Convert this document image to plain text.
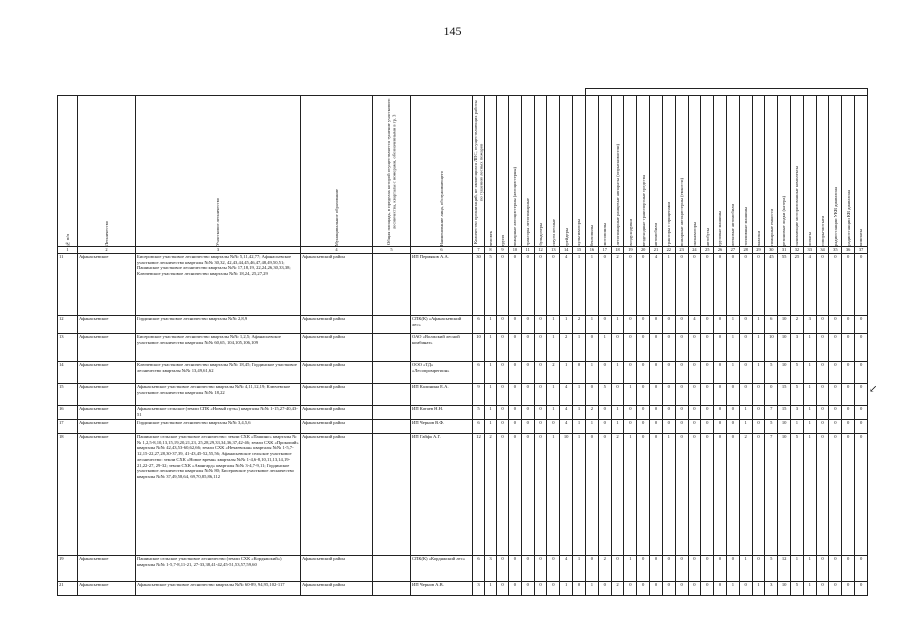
145

№ п/п	Лесничество	Участковое лесничество	Муниципальное образование	Общая площадь, в пределах которой осуществляется тушение участкового лесничества, кварталы с номерами, обозначенными в гр. 3	Наименование лица, обслуживающего	Количество организаций, не являющихся ЛПС, осуществляющих работы по тушению лесных пожаров	человек	групп	пожарные автоцистерны (автоцистерны)	тракторы лесопожарные	бульдозеры	плуги лесные	грейдеры	культиваторы	бензопилы	мотопомпы	лесопожарные ранцевые аппараты (опрыскиватели)	воздуходувки	вездеходные транспортные средства	автомобили	тракторы с прицепами	пожарные автоцистерны (емкости)	экскаваторы	автобусы	грузовые машины	легковые автомобили	топливные машины	палатки	пожарные емкости	резиновые лодки (катера)	заливающие моторизованные комплексы	лопаты	топоры-мотыги	радиостанции УКВ диапазона	радиостанции КВ диапазона	компасы

1	2	3	4	5	6	7	8	9	10	11	12	13	14	15	16	17	18	19	20	21	22	23	24	25	26	27	28	29	30	31	32	33	34	35	36	37
11	Афанасьевское	Бисеровское участковое лесничество кварталы №№ 5,11,42,77; Афанасьевское участковое лесничество кварталы №№ 30,32, 42,43,44,45,46,47,48,49,50,51; Пашинское участковое лесничество кварталы №№ 17,18,19, 22,24,26,30,33,38; Ключевское участковое лесничество кварталы №№ 18,24, 25,27,29	Афанасьевский район		ИП Пермяков А.А.	30	5	0	0	0	0	0	4	1	1	0	2	0	0	4	1	0	0	0	0	0	0	0	45	55	25	4	0	0	0	0
12	Афанасьевское	Гординское участковое лесничество кварталы №№ 2,8,9	Афанасьевский район		СПК(К) «Афанасьевский лес»	6	1	0	0	0	0	1	1	2	1	0	1	0	0	0	0	0	4	0	0	1	0	1	6	10	2	3	0	0	0	0
13	Афанасьевское	Бисеровское участковое лесничество кварталы №№ 1,2,5; Афанасьевское участковое лесничество кварталы №№ 60,65, 104,105,106,109	Афанасьевский район		ОАО «Волжский лесной комбинат»	10	1	0	0	0	0	1	2	1	0	1	0	0	0	0	0	0	0	0	0	1	0	1	10	10	3	1	0	0	0	0
14	Афанасьевское	Ключевское участковое лесничество кварталы №№ 18,45; Гординское участковое лесничество кварталы №№ 13,49,61,62	Афанасьевский район		ООО «ТД» «Лесопромрегион»	6	1	0	0	0	0	2	1	0	1	0	1	0	0	0	0	0	0	0	0	1	0	1	5	10	5	1	0	0	0	0
15	Афанасьевское	Афанасьевское участковое лесничество кварталы №№ 4,11,12,19; Ключевское участковое лесничество кварталы №№ 18,22	Афанасьевский район		ИП Калинина Е.А.	9	1	0	0	0	0	1	4	1	0	5	0	1	0	0	0	0	0	0	0	0	0	0	0	15	5	1	0	0	0	0
16	Афанасьевское	Афанасьевское сельское (земли СПК «Новый путь») кварталы №№ 1-15,27-40,43-51	Афанасьевский район		ИП Катаев Н.Н.	5	1	0	0	0	0	1	4	1	2	0	1	0	0	0	0	0	0	0	0	0	1	0	7	15	3	1	0	0	0	0
17	Афанасьевское	Гординское участковое лесничество кварталы №№ 3,4,5,6	Афанасьевский район		ИП Чернов В.Ф.	6	1	0	0	0	0	0	4	1	1	0	1	0	0	0	0	0	0	0	0	0	1	0	5	10	1	1	0	0	0	0
18	Афанасьевское	Пашинское сельское участковое лесничество: земли СХК «Пашино» кварталы №№ 1,2,5-8,10,13,15,19,20,21,23, 25,28,29,33,34,36,37,42-46; земли СХК «Прокопий» кварталы №№ 42,43,53-60,62,66; земли СХК «Нечаевская» кварталы №№ 1-5,7-12,15-22,27,28,30-37,39, 41-43,45-52,55,56; Афанасьевское сельское участковое лесничество: земли СХК «Новое время» кварталы №№ 1-4,6-8,10,11,13,14,19-21,22-27, 29-32; земли СХК «Авангард» кварталы №№ 3-4,7-9,11; Гординское участковое лесничество кварталы №№ 80; Бисеровское участковое лесничество кварталы №№ 37,49,58,64, 69,70,85,86,112	Афанасьевский район		ИП Гайфа А.Г.	12	2	0	0	0	0	1	10	1	0	0	2	1	0	0	1	0	0	0	0	0	2	0	7	10	5	1	0	0	0	0
19	Афанасьевское	Пашинское сельское участковое лесничество (земли СХК «Кордяжский») кварталы №№ 1-5,7-8,11-21, 27-33,38,41-42,45-51,53,57,59,60	Афанасьевский район		СПК(К) «Кордяжский лес»	6	3	0	0	0	0	0	4	1	0	2	0	1	0	0	0	0	0	0	0	0	1	0	5	12	1	1	0	0	0	0
21	Афанасьевское	Афанасьевское участковое лесничество кварталы №№ 60-89, 94,95,102-117	Афанасьевский район		ИП Чернов А.В.	3	1	0	0	0	0	0	1	0	1	0	2	0	0	0	0	0	0	0	0	1	0	1	3	10	5	1	0	0	0	0
↙
